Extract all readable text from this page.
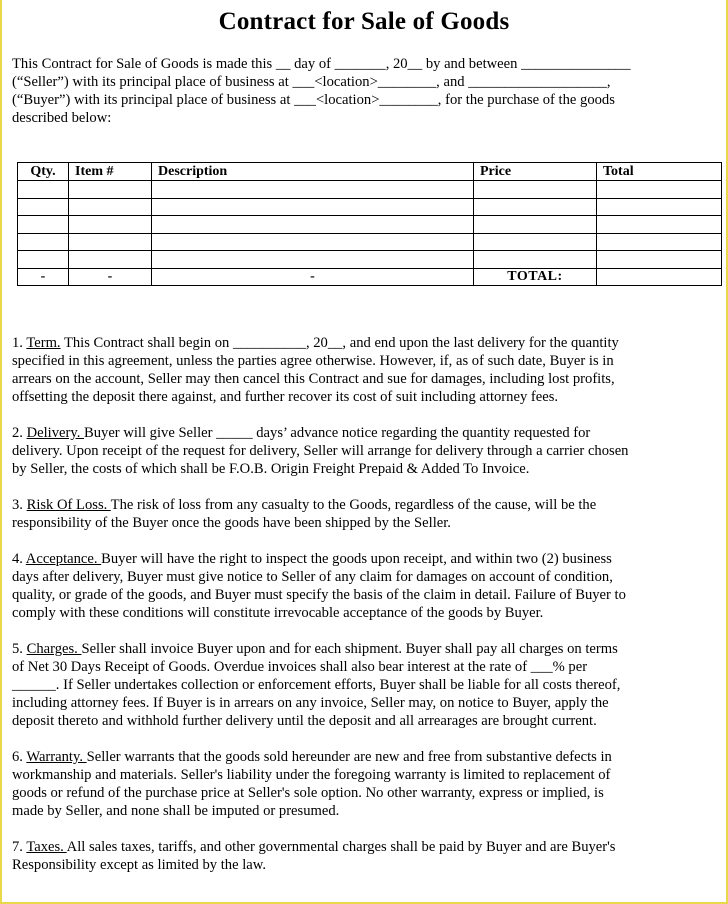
Contract for Sale of Goods
This Contract for Sale of Goods is made this __ day of _______, 20__ by and between _______________
(“Seller”) with its principal place of business at ___<location>________, and ___________________,
(“Buyer”) with its principal place of business at ___<location>________, for the purchase of the goods
described below:
Qty.	Item #	Description	Price	Total

-	-	-	TOTAL:	
1. Term. This Contract shall begin on __________, 20__, and end upon the last delivery for the quantity
specified in this agreement, unless the parties agree otherwise. However, if, as of such date, Buyer is in
arrears on the account, Seller may then cancel this Contract and sue for damages, including lost profits,
offsetting the deposit there against, and further recover its cost of suit including attorney fees.
2. Delivery. Buyer will give Seller _____ days’ advance notice regarding the quantity requested for
delivery. Upon receipt of the request for delivery, Seller will arrange for delivery through a carrier chosen
by Seller, the costs of which shall be F.O.B. Origin Freight Prepaid & Added To Invoice.
3. Risk Of Loss. The risk of loss from any casualty to the Goods, regardless of the cause, will be the
responsibility of the Buyer once the goods have been shipped by the Seller.
4. Acceptance. Buyer will have the right to inspect the goods upon receipt, and within two (2) business
days after delivery, Buyer must give notice to Seller of any claim for damages on account of condition,
quality, or grade of the goods, and Buyer must specify the basis of the claim in detail. Failure of Buyer to
comply with these conditions will constitute irrevocable acceptance of the goods by Buyer.
5. Charges. Seller shall invoice Buyer upon and for each shipment. Buyer shall pay all charges on terms
of Net 30 Days Receipt of Goods. Overdue invoices shall also bear interest at the rate of ___% per
______. If Seller undertakes collection or enforcement efforts, Buyer shall be liable for all costs thereof,
including attorney fees. If Buyer is in arrears on any invoice, Seller may, on notice to Buyer, apply the
deposit thereto and withhold further delivery until the deposit and all arrearages are brought current.
6. Warranty. Seller warrants that the goods sold hereunder are new and free from substantive defects in
workmanship and materials. Seller's liability under the foregoing warranty is limited to replacement of
goods or refund of the purchase price at Seller's sole option. No other warranty, express or implied, is
made by Seller, and none shall be imputed or presumed.
7. Taxes. All sales taxes, tariffs, and other governmental charges shall be paid by Buyer and are Buyer's
Responsibility except as limited by the law.
